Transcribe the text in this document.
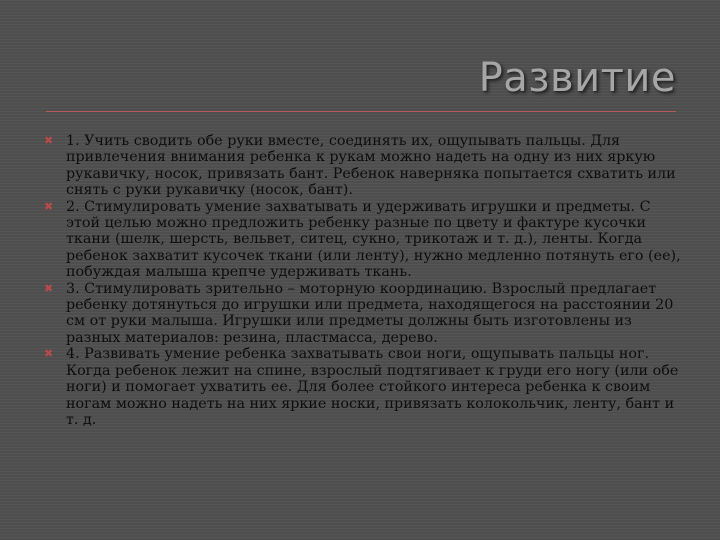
Развитие
✖ 1. Учить сводить обе руки вместе, соединять их, ощупывать пальцы. Для привлечения внимания ребенка к рукам можно надеть на одну из них яркую рукавичку, носок, привязать бант. Ребенок наверняка попытается схватить или снять с руки рукавичку (носок, бант).
✖ 2. Стимулировать умение захватывать и удерживать игрушки и предметы. С этой целью можно предложить ребенку разные по цвету и фактуре кусочки ткани (шелк, шерсть, вельвет, ситец, сукно, трикотаж и т. д.), ленты. Когда ребенок захватит кусочек ткани (или ленту), нужно медленно потянуть его (ее), побуждая малыша крепче удерживать ткань.
✖ 3. Стимулировать зрительно – моторную координацию. Взрослый предлагает ребенку дотянуться до игрушки или предмета, находящегося на расстоянии 20 см от руки малыша. Игрушки или предметы должны быть изготовлены из разных материалов: резина, пластмасса, дерево.
✖ 4. Развивать умение ребенка захватывать свои ноги, ощупывать пальцы ног. Когда ребенок лежит на спине, взрослый подтягивает к груди его ногу (или обе ноги) и помогает ухватить ее. Для более стойкого интереса ребенка к своим ногам можно надеть на них яркие носки, привязать колокольчик, ленту, бант и т. д.
